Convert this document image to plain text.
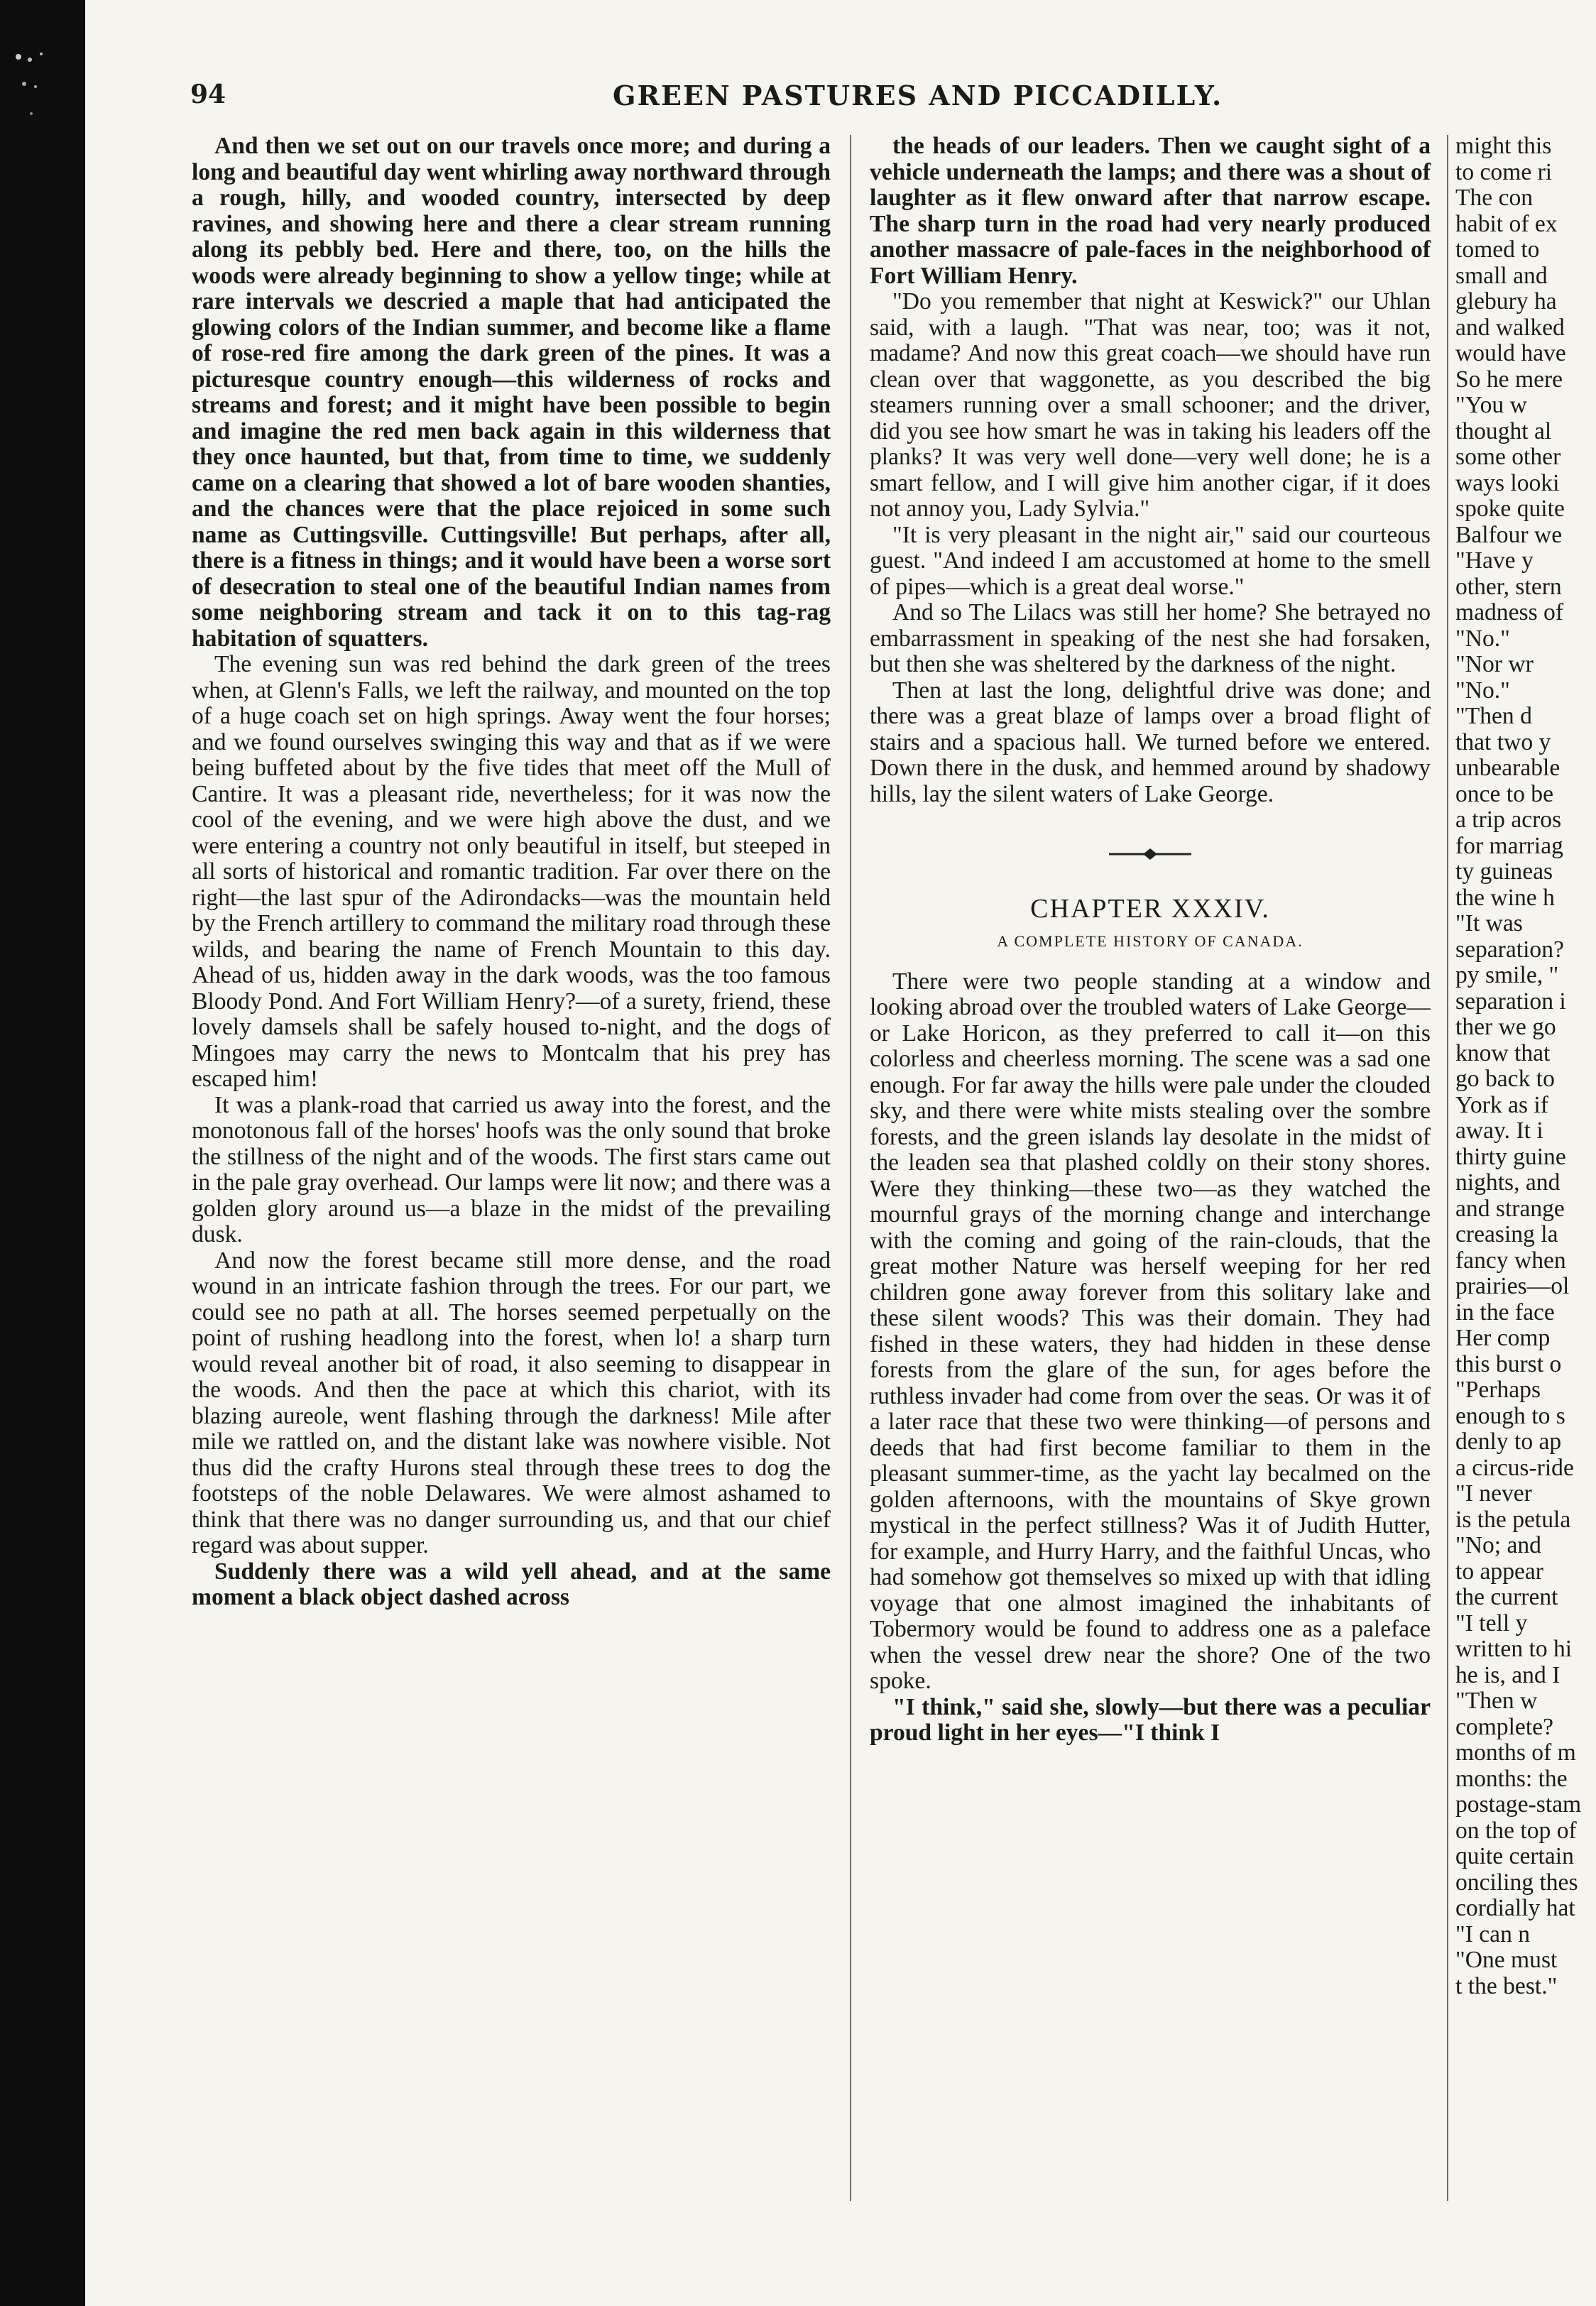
94	GREEN PASTURES AND PICCADILLY.

And then we set out on our travels once more; and during a long and beautiful day went whirling away northward through a rough, hilly, and wooded country, intersected by deep ravines, and showing here and there a clear stream running along its pebbly bed. Here and there, too, on the hills the woods were already beginning to show a yellow tinge; while at rare intervals we descried a maple that had anticipated the glowing colors of the Indian summer, and become like a flame of rose-red fire among the dark green of the pines. It was a picturesque country enough—this wilderness of rocks and streams and forest; and it might have been possible to begin and imagine the red men back again in this wilderness that they once haunted, but that, from time to time, we suddenly came on a clearing that showed a lot of bare wooden shanties, and the chances were that the place rejoiced in some such name as Cuttingsville. Cuttingsville! But perhaps, after all, there is a fitness in things; and it would have been a worse sort of desecration to steal one of the beautiful Indian names from some neighboring stream and tack it on to this tag-rag habitation of squatters.

The evening sun was red behind the dark green of the trees when, at Glenn's Falls, we left the railway, and mounted on the top of a huge coach set on high springs. Away went the four horses; and we found ourselves swinging this way and that as if we were being buffeted about by the five tides that meet off the Mull of Cantire. It was a pleasant ride, nevertheless; for it was now the cool of the evening, and we were high above the dust, and we were entering a country not only beautiful in itself, but steeped in all sorts of historical and romantic tradition. Far over there on the right—the last spur of the Adirondacks—was the mountain held by the French artillery to command the military road through these wilds, and bearing the name of French Mountain to this day. Ahead of us, hidden away in the dark woods, was the too famous Bloody Pond. And Fort William Henry?—of a surety, friend, these lovely damsels shall be safely housed to-night, and the dogs of Mingoes may carry the news to Montcalm that his prey has escaped him!

It was a plank-road that carried us away into the forest, and the monotonous fall of the horses' hoofs was the only sound that broke the stillness of the night and of the woods. The first stars came out in the pale gray overhead. Our lamps were lit now; and there was a golden glory around us—a blaze in the midst of the prevailing dusk.

And now the forest became still more dense, and the road wound in an intricate fashion through the trees. For our part, we could see no path at all. The horses seemed perpetually on the point of rushing headlong into the forest, when lo! a sharp turn would reveal another bit of road, it also seeming to disappear in the woods. And then the pace at which this chariot, with its blazing aureole, went flashing through the darkness! Mile after mile we rattled on, and the distant lake was nowhere visible. Not thus did the crafty Hurons steal through these trees to dog the footsteps of the noble Delawares. We were almost ashamed to think that there was no danger surrounding us, and that our chief regard was about supper.

Suddenly there was a wild yell ahead, and at the same moment a black object dashed across

the heads of our leaders. Then we caught sight of a vehicle underneath the lamps; and there was a shout of laughter as it flew onward after that narrow escape. The sharp turn in the road had very nearly produced another massacre of pale-faces in the neighborhood of Fort William Henry.

"Do you remember that night at Keswick?" our Uhlan said, with a laugh. "That was near, too; was it not, madame? And now this great coach—we should have run clean over that waggonette, as you described the big steamers running over a small schooner; and the driver, did you see how smart he was in taking his leaders off the planks? It was very well done—very well done; he is a smart fellow, and I will give him another cigar, if it does not annoy you, Lady Sylvia."

"It is very pleasant in the night air," said our courteous guest. "And indeed I am accustomed at home to the smell of pipes—which is a great deal worse."

And so The Lilacs was still her home? She betrayed no embarrassment in speaking of the nest she had forsaken, but then she was sheltered by the darkness of the night.

Then at last the long, delightful drive was done; and there was a great blaze of lamps over a broad flight of stairs and a spacious hall. We turned before we entered. Down there in the dusk, and hemmed around by shadowy hills, lay the silent waters of Lake George.

CHAPTER XXXIV.
A COMPLETE HISTORY OF CANADA.

There were two people standing at a window and looking abroad over the troubled waters of Lake George—or Lake Horicon, as they preferred to call it—on this colorless and cheerless morning. The scene was a sad one enough. For far away the hills were pale under the clouded sky, and there were white mists stealing over the sombre forests, and the green islands lay desolate in the midst of the leaden sea that plashed coldly on their stony shores. Were they thinking—these two—as they watched the mournful grays of the morning change and interchange with the coming and going of the rain-clouds, that the great mother Nature was herself weeping for her red children gone away forever from this solitary lake and these silent woods? This was their domain. They had fished in these waters, they had hidden in these dense forests from the glare of the sun, for ages before the ruthless invader had come from over the seas. Or was it of a later race that these two were thinking—of persons and deeds that had first become familiar to them in the pleasant summer-time, as the yacht lay becalmed on the golden afternoons, with the mountains of Skye grown mystical in the perfect stillness? Was it of Judith Hutter, for example, and Hurry Harry, and the faithful Uncas, who had somehow got themselves so mixed up with that idling voyage that one almost imagined the inhabitants of Tobermory would be found to address one as a paleface when the vessel drew near the shore? One of the two spoke.

"I think," said she, slowly—but there was a peculiar proud light in her eyes—"I think I

might this

to come ri

The con

habit of ex

tomed to

small and

glebury ha

and walked

would have

So he mere

"You w

thought al

some other

ways looki

spoke quite

Balfour we

"Have y

other, stern

madness of

"No."

"Nor wr

"No."

"Then d

that two y

unbearable

once to be

a trip acros

for marriag

ty guineas

the wine h

"It was

separation?

py smile, "

separation i

ther we go

know that

go back to

York as if

away. It i

thirty guine

nights, and

and strange

creasing la

fancy when

prairies—ol

in the face

Her comp

this burst o

"Perhaps

enough to s

denly to ap

a circus-ride

"I never

is the petula

"No; and

to appear

the current

"I tell y

written to hi

he is, and I

"Then w

complete?

months of m

months: the

postage-stam

on the top of

quite certain

onciling thes

cordially hat

"I can n

"One must

t the best."
